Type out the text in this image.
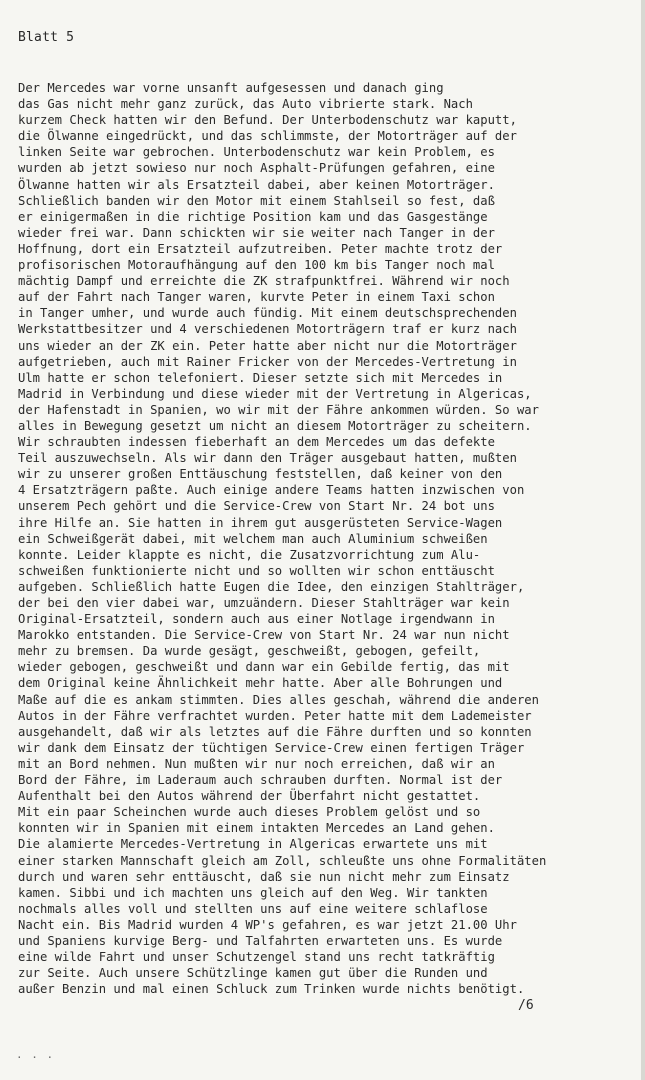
Blatt 5
Der Mercedes war vorne unsanft aufgesessen und danach ging
das Gas nicht mehr ganz zurück, das Auto vibrierte stark. Nach
kurzem Check hatten wir den Befund. Der Unterbodenschutz war kaputt,
die Ölwanne eingedrückt, und das schlimmste, der Motorträger auf der
linken Seite war gebrochen. Unterbodenschutz war kein Problem, es
wurden ab jetzt sowieso nur noch Asphalt-Prüfungen gefahren, eine
Ölwanne hatten wir als Ersatzteil dabei, aber keinen Motorträger.
Schließlich banden wir den Motor mit einem Stahlseil so fest, daß
er einigermaßen in die richtige Position kam und das Gasgestänge
wieder frei war. Dann schickten wir sie weiter nach Tanger in der
Hoffnung, dort ein Ersatzteil aufzutreiben. Peter machte trotz der
profisorischen Motoraufhängung auf den 100 km bis Tanger noch mal
mächtig Dampf und erreichte die ZK strafpunktfrei. Während wir noch
auf der Fahrt nach Tanger waren, kurvte Peter in einem Taxi schon
in Tanger umher, und wurde auch fündig. Mit einem deutschsprechenden
Werkstattbesitzer und 4 verschiedenen Motorträgern traf er kurz nach
uns wieder an der ZK ein. Peter hatte aber nicht nur die Motorträger
aufgetrieben, auch mit Rainer Fricker von der Mercedes-Vertretung in
Ulm hatte er schon telefoniert. Dieser setzte sich mit Mercedes in
Madrid in Verbindung und diese wieder mit der Vertretung in Algericas,
der Hafenstadt in Spanien, wo wir mit der Fähre ankommen würden. So war
alles in Bewegung gesetzt um nicht an diesem Motorträger zu scheitern.
Wir schraubten indessen fieberhaft an dem Mercedes um das defekte
Teil auszuwechseln. Als wir dann den Träger ausgebaut hatten, mußten
wir zu unserer großen Enttäuschung feststellen, daß keiner von den
4 Ersatzträgern paßte. Auch einige andere Teams hatten inzwischen von
unserem Pech gehört und die Service-Crew von Start Nr. 24 bot uns
ihre Hilfe an. Sie hatten in ihrem gut ausgerüsteten Service-Wagen
ein Schweißgerät dabei, mit welchem man auch Aluminium schweißen
konnte. Leider klappte es nicht, die Zusatzvorrichtung zum Alu-
schweißen funktionierte nicht und so wollten wir schon enttäuscht
aufgeben. Schließlich hatte Eugen die Idee, den einzigen Stahlträger,
der bei den vier dabei war, umzuändern. Dieser Stahlträger war kein
Original-Ersatzteil, sondern auch aus einer Notlage irgendwann in
Marokko entstanden. Die Service-Crew von Start Nr. 24 war nun nicht
mehr zu bremsen. Da wurde gesägt, geschweißt, gebogen, gefeilt,
wieder gebogen, geschweißt und dann war ein Gebilde fertig, das mit
dem Original keine Ähnlichkeit mehr hatte. Aber alle Bohrungen und
Maße auf die es ankam stimmten. Dies alles geschah, während die anderen
Autos in der Fähre verfrachtet wurden. Peter hatte mit dem Lademeister
ausgehandelt, daß wir als letztes auf die Fähre durften und so konnten
wir dank dem Einsatz der tüchtigen Service-Crew einen fertigen Träger
mit an Bord nehmen. Nun mußten wir nur noch erreichen, daß wir an
Bord der Fähre, im Laderaum auch schrauben durften. Normal ist der
Aufenthalt bei den Autos während der Überfahrt nicht gestattet.
Mit ein paar Scheinchen wurde auch dieses Problem gelöst und so
konnten wir in Spanien mit einem intakten Mercedes an Land gehen.
Die alamierte Mercedes-Vertretung in Algericas erwartete uns mit
einer starken Mannschaft gleich am Zoll, schleußte uns ohne Formalitäten
durch und waren sehr enttäuscht, daß sie nun nicht mehr zum Einsatz
kamen. Sibbi und ich machten uns gleich auf den Weg. Wir tankten
nochmals alles voll und stellten uns auf eine weitere schlaflose
Nacht ein. Bis Madrid wurden 4 WP's gefahren, es war jetzt 21.00 Uhr
und Spaniens kurvige Berg- und Talfahrten erwarteten uns. Es wurde
eine wilde Fahrt und unser Schutzengel stand uns recht tatkräftig
zur Seite. Auch unsere Schützlinge kamen gut über die Runden und
außer Benzin und mal einen Schluck zum Trinken wurde nichts benötigt.
/6
. . .
